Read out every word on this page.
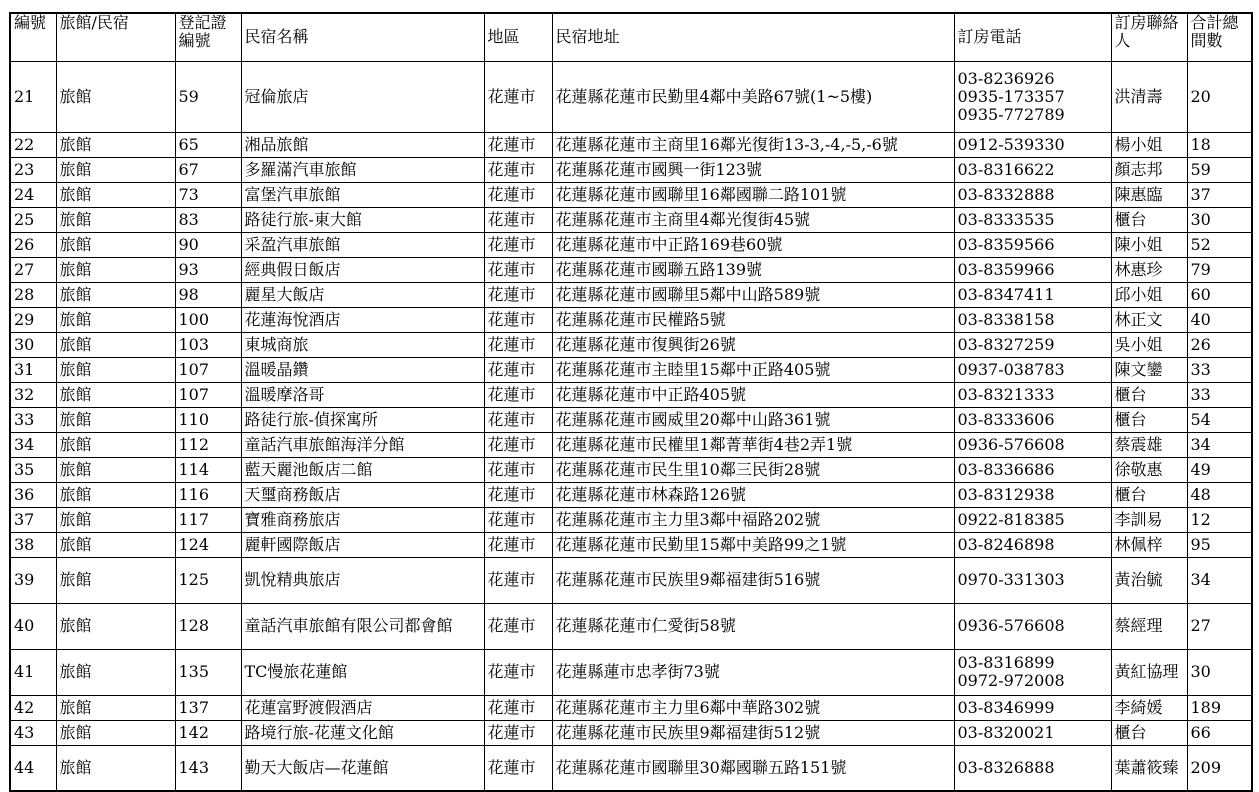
編號	旅館/民宿	登記證編號	民宿名稱	地區	民宿地址	訂房電話	訂房聯絡人	合計總間數
21	旅館	59	冠倫旅店	花蓮市	花蓮縣花蓮市民勤里4鄰中美路67號(1~5樓)	03-8236926
0935-173357
0935-772789	洪清壽	20
22	旅館	65	湘品旅館	花蓮市	花蓮縣花蓮市主商里16鄰光復街13-3,-4,-5,-6號	0912-539330	楊小姐	18
23	旅館	67	多羅滿汽車旅館	花蓮市	花蓮縣花蓮市國興一街123號	03-8316622	顏志邦	59
24	旅館	73	富堡汽車旅館	花蓮市	花蓮縣花蓮市國聯里16鄰國聯二路101號	03-8332888	陳惠臨	37
25	旅館	83	路徒行旅-東大館	花蓮市	花蓮縣花蓮市主商里4鄰光復街45號	03-8333535	櫃台	30
26	旅館	90	采盈汽車旅館	花蓮市	花蓮縣花蓮市中正路169巷60號	03-8359566	陳小姐	52
27	旅館	93	經典假日飯店	花蓮市	花蓮縣花蓮市國聯五路139號	03-8359966	林惠珍	79
28	旅館	98	麗星大飯店	花蓮市	花蓮縣花蓮市國聯里5鄰中山路589號	03-8347411	邱小姐	60
29	旅館	100	花蓮海悅酒店	花蓮市	花蓮縣花蓮市民權路5號	03-8338158	林正文	40
30	旅館	103	東城商旅	花蓮市	花蓮縣花蓮市復興街26號	03-8327259	吳小姐	26
31	旅館	107	溫暖晶鑽	花蓮市	花蓮縣花蓮市主睦里15鄰中正路405號	0937-038783	陳文鑾	33
32	旅館	107	溫暖摩洛哥	花蓮市	花蓮縣花蓮市中正路405號	03-8321333	櫃台	33
33	旅館	110	路徒行旅-偵探寓所	花蓮市	花蓮縣花蓮市國威里20鄰中山路361號	03-8333606	櫃台	54
34	旅館	112	童話汽車旅館海洋分館	花蓮市	花蓮縣花蓮市民權里1鄰菁華街4巷2弄1號	0936-576608	蔡震雄	34
35	旅館	114	藍天麗池飯店二館	花蓮市	花蓮縣花蓮市民生里10鄰三民街28號	03-8336686	徐敬惠	49
36	旅館	116	天璽商務飯店	花蓮市	花蓮縣花蓮市林森路126號	03-8312938	櫃台	48
37	旅館	117	寶雅商務旅店	花蓮市	花蓮縣花蓮市主力里3鄰中福路202號	0922-818385	李訓易	12
38	旅館	124	麗軒國際飯店	花蓮市	花蓮縣花蓮市民勤里15鄰中美路99之1號	03-8246898	林佩梓	95
39	旅館	125	凱悅精典旅店	花蓮市	花蓮縣花蓮市民族里9鄰福建街516號	0970-331303	黃治毓	34
40	旅館	128	童話汽車旅館有限公司都會館	花蓮市	花蓮縣花蓮市仁愛街58號	0936-576608	蔡經理	27
41	旅館	135	TC慢旅花蓮館	花蓮市	花蓮縣蓮市忠孝街73號	03-8316899
0972-972008	黃紅協理	30
42	旅館	137	花蓮富野渡假酒店	花蓮市	花蓮縣花蓮市主力里6鄰中華路302號	03-8346999	李綺媛	189
43	旅館	142	路境行旅-花蓮文化館	花蓮市	花蓮縣花蓮市民族里9鄰福建街512號	03-8320021	櫃台	66
44	旅館	143	勤天大飯店—花蓮館	花蓮市	花蓮縣花蓮市國聯里30鄰國聯五路151號	03-8326888	葉蕭筱臻	209
